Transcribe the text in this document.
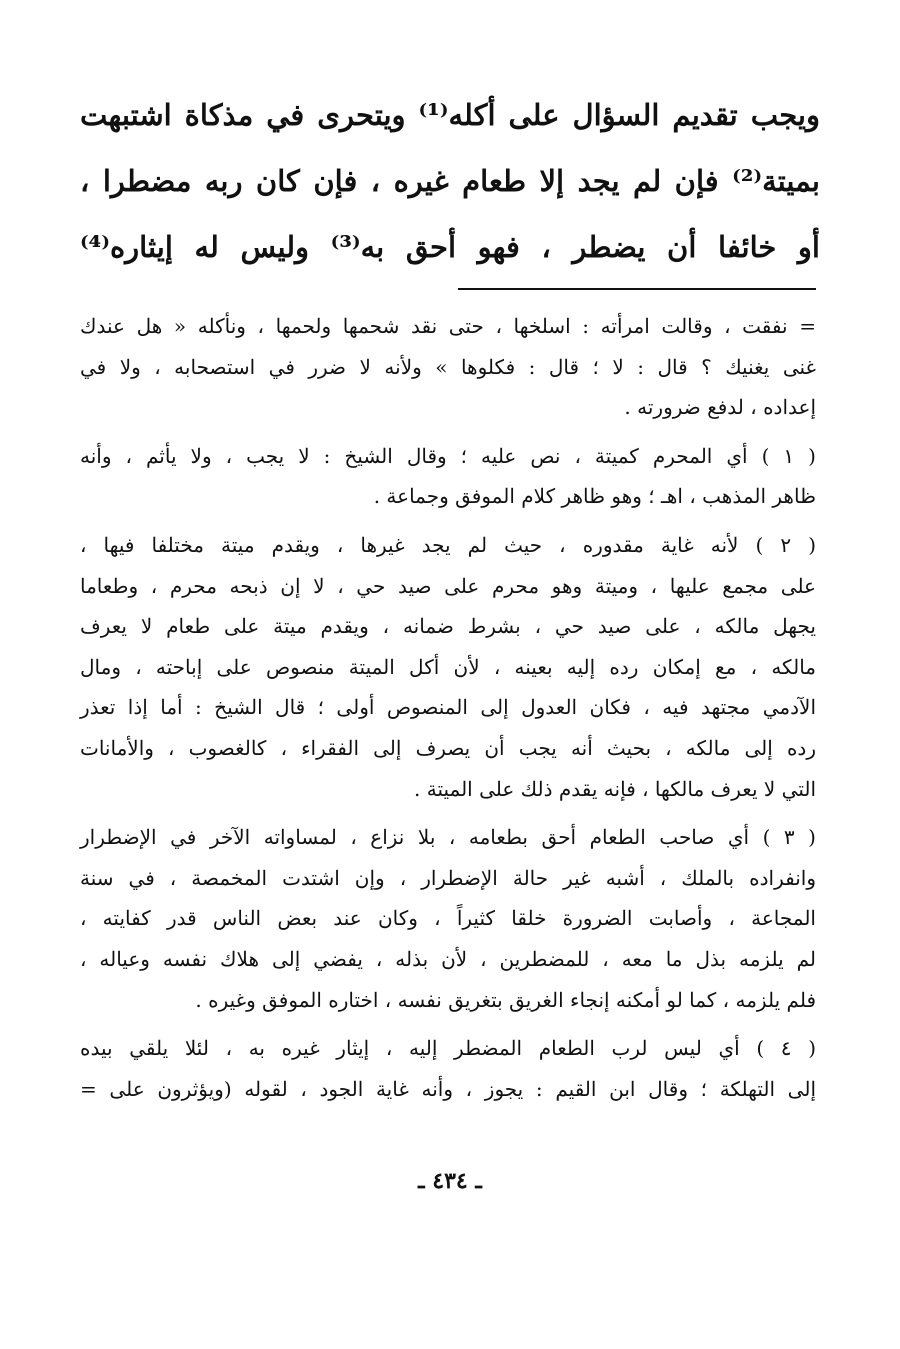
ويجب تقديم السؤال على أكله⁽¹⁾ ويتحرى في مذكاة اشتبهت
بميتة⁽²⁾ فإن لم يجد إلا طعام غيره ، فإن كان ربه مضطرا ،
أو خائفا أن يضطر ، فهو أحق به⁽³⁾ وليس له إيثاره⁽⁴⁾
= نفقت ، وقالت امرأته : اسلخها ، حتى نقد شحمها ولحمها ، ونأكله « هل عندك
غنى يغنيك ؟ قال : لا ؛ قال : فكلوها » ولأنه لا ضرر في استصحابه ، ولا في
إعداده ، لدفع ضرورته .
( ١ ) أي المحرم كميتة ، نص عليه ؛ وقال الشيخ : لا يجب ، ولا يأثم ، وأنه
ظاهر المذهب ، اهـ ؛ وهو ظاهر كلام الموفق وجماعة .
( ٢ ) لأنه غاية مقدوره ، حيث لم يجد غيرها ، ويقدم ميتة مختلفا فيها ،
على مجمع عليها ، وميتة وهو محرم على صيد حي ، لا إن ذبحه محرم ، وطعاما
يجهل مالكه ، على صيد حي ، بشرط ضمانه ، ويقدم ميتة على طعام لا يعرف
مالكه ، مع إمكان رده إليه بعينه ، لأن أكل الميتة منصوص على إباحته ، ومال
الآدمي مجتهد فيه ، فكان العدول إلى المنصوص أولى ؛ قال الشيخ : أما إذا تعذر
رده إلى مالكه ، بحيث أنه يجب أن يصرف إلى الفقراء ، كالغصوب ، والأمانات
التي لا يعرف مالكها ، فإنه يقدم ذلك على الميتة .
( ٣ ) أي صاحب الطعام أحق بطعامه ، بلا نزاع ، لمساواته الآخر في الإضطرار
وانفراده بالملك ، أشبه غير حالة الإضطرار ، وإن اشتدت المخمصة ، في سنة
المجاعة ، وأصابت الضرورة خلقا كثيراً ، وكان عند بعض الناس قدر كفايته ،
لم يلزمه بذل ما معه ، للمضطرين ، لأن بذله ، يفضي إلى هلاك نفسه وعياله ،
فلم يلزمه ، كما لو أمكنه إنجاء الغريق بتغريق نفسه ، اختاره الموفق وغيره .
( ٤ ) أي ليس لرب الطعام المضطر إليه ، إيثار غيره به ، لئلا يلقي بيده
إلى التهلكة ؛ وقال ابن القيم : يجوز ، وأنه غاية الجود ، لقوله (ويؤثرون على =
ـ ٤٣٤ ـ
